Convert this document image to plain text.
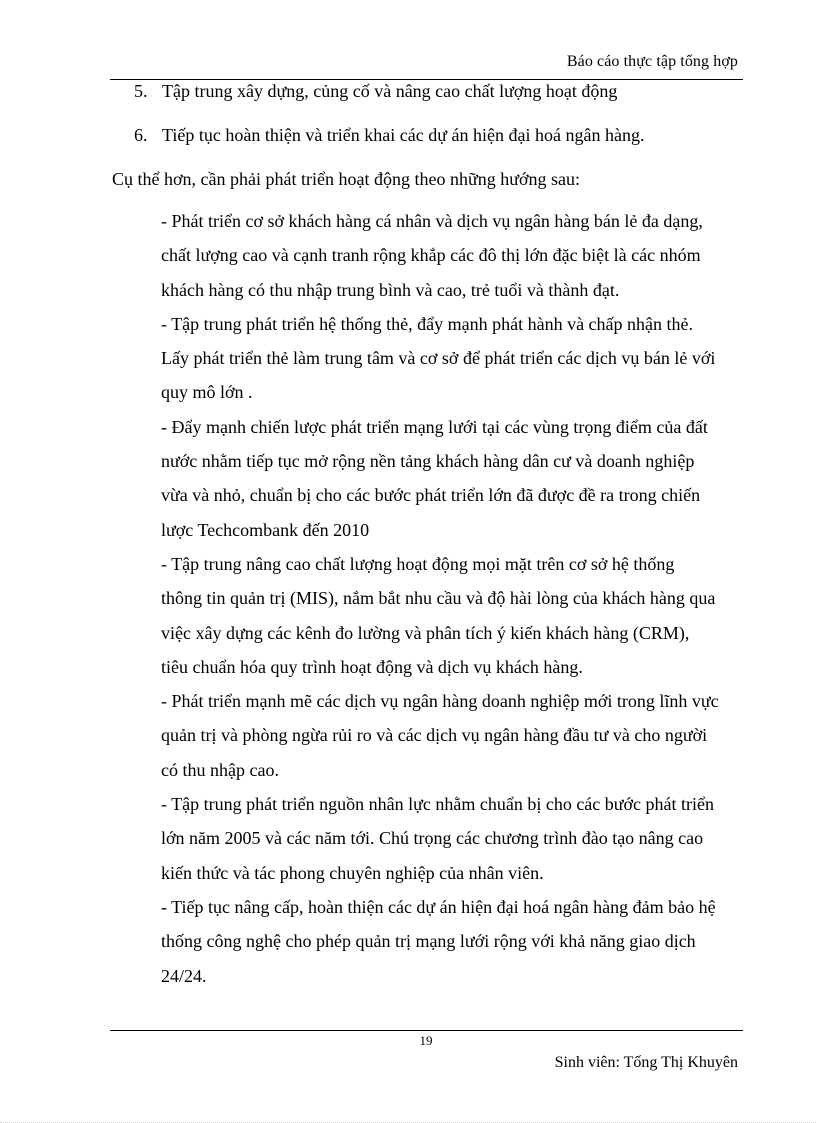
Báo cáo thực tập tổng hợp
5. Tập trung xây dựng, củng cố và nâng cao chất lượng hoạt động
6. Tiếp tục hoàn thiện và triển khai các dự án hiện đại hoá ngân hàng.
Cụ thể hơn, cần phải phát triển hoạt động theo những hướng sau:
- Phát triển cơ sở khách hàng cá nhân và dịch vụ ngân hàng bán lẻ đa dạng,
chất lượng cao và cạnh tranh rộng khắp các đô thị lớn đặc biệt là các nhóm
khách hàng có thu nhập trung bình và cao, trẻ tuổi và thành đạt.
- Tập trung phát triển hệ thống thẻ, đẩy mạnh phát hành và chấp nhận thẻ.
Lấy phát triển thẻ làm trung tâm và cơ sở để phát triển các dịch vụ bán lẻ với
quy mô lớn .
- Đẩy mạnh chiến lược phát triển mạng lưới tại các vùng trọng điểm của đất
nước nhằm tiếp tục mở rộng nền tảng khách hàng dân cư và doanh nghiệp
vừa và nhỏ, chuẩn bị cho các bước phát triển lớn đã được đề ra trong chiến
lược Techcombank đến 2010
- Tập trung nâng cao chất lượng hoạt động mọi mặt trên cơ sở hệ thống
thông tin quản trị (MIS), nắm bắt nhu cầu và độ hài lòng của khách hàng qua
việc xây dựng các kênh đo lường và phân tích ý kiến khách hàng (CRM),
tiêu chuẩn hóa quy trình hoạt động và dịch vụ khách hàng.
- Phát triển mạnh mẽ các dịch vụ ngân hàng doanh nghiệp mới trong lĩnh vực
quản trị và phòng ngừa rủi ro và các dịch vụ ngân hàng đầu tư và cho người
có thu nhập cao.
- Tập trung phát triển nguồn nhân lực nhằm chuẩn bị cho các bước phát triển
lớn năm 2005 và các năm tới. Chú trọng các chương trình đào tạo nâng cao
kiến thức và tác phong chuyên nghiệp của nhân viên.
- Tiếp tục nâng cấp, hoàn thiện các dự án hiện đại hoá ngân hàng đảm bảo hệ
thống công nghệ cho phép quản trị mạng lưới rộng với khả năng giao dịch
24/24.
19
Sinh viên: Tống Thị Khuyên
